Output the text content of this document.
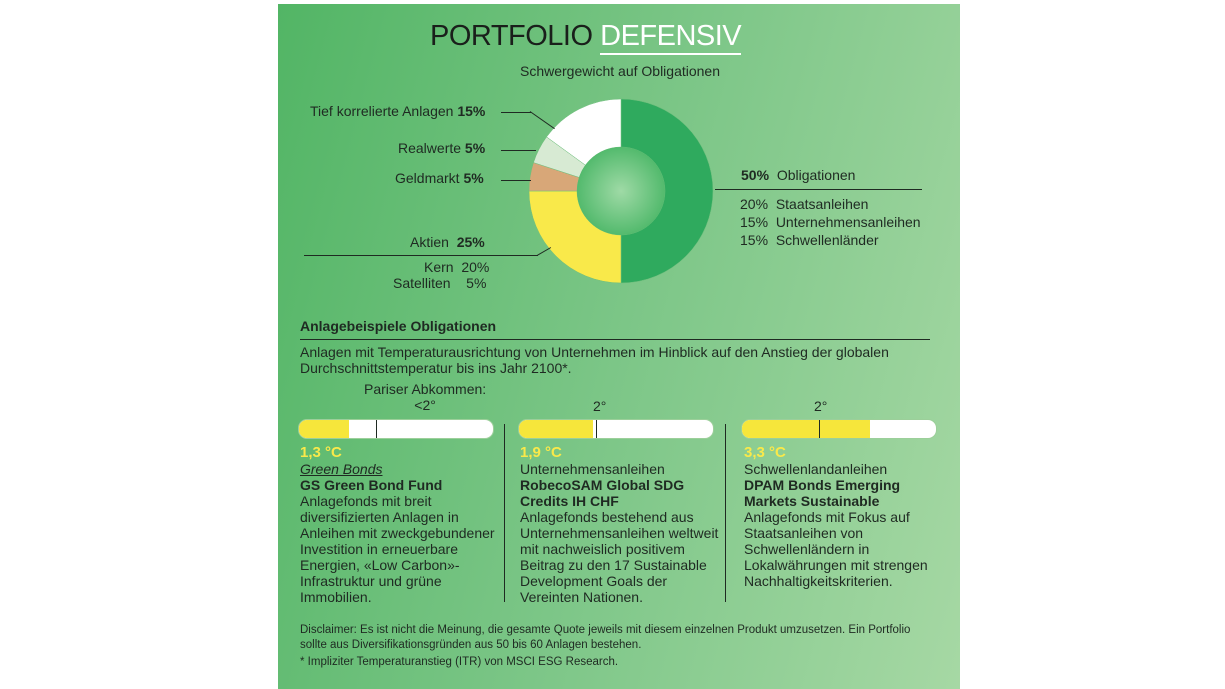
PORTFOLIO DEFENSIV
Schwergewicht auf Obligationen
Tief korrelierte Anlagen 15%
Realwerte 5%
Geldmarkt 5%
Aktien 25%
Kern 20%
Satelliten 5%
50% Obligationen
20% Staatsanleihen
15% Unternehmensanleihen
15% Schwellenländer
Anlagebeispiele Obligationen
Anlagen mit Temperaturausrichtung von Unternehmen im Hinblick auf den Anstieg der globalen Durchschnittstemperatur bis ins Jahr 2100*.
Pariser Abkommen:
<2°	2°	2°
1,3 °C
Green Bonds
GS Green Bond Fund
Anlagefonds mit breit diversifizierten Anlagen in Anleihen mit zweckgebundener Investition in erneuerbare Energien, «Low Carbon»-Infrastruktur und grüne Immobilien.
1,9 °C
Unternehmensanleihen
RobecoSAM Global SDG Credits IH CHF
Anlagefonds bestehend aus Unternehmensanleihen weltweit mit nachweislich positivem Beitrag zu den 17 Sustainable Development Goals der Vereinten Nationen.
3,3 °C
Schwellenlandanleihen
DPAM Bonds Emerging Markets Sustainable
Anlagefonds mit Fokus auf Staatsanleihen von Schwellenländern in Lokalwährungen mit strengen Nachhaltigkeitskriterien.
Disclaimer: Es ist nicht die Meinung, die gesamte Quote jeweils mit diesem einzelnen Produkt umzusetzen. Ein Portfolio sollte aus Diversifikationsgründen aus 50 bis 60 Anlagen bestehen.
* Impliziter Temperaturanstieg (ITR) von MSCI ESG Research.
